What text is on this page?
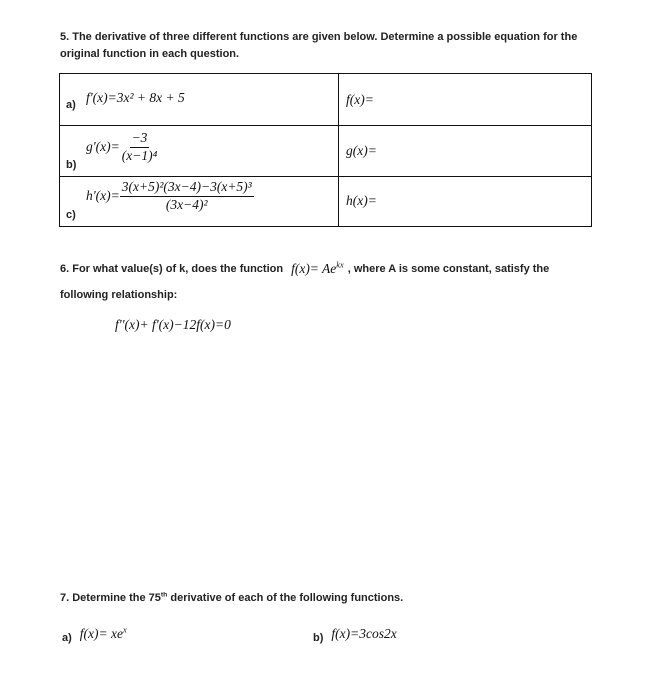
5. The derivative of three different functions are given below. Determine a possible equation for the
original function in each question.
a) f'(x)= 3x² + 8x + 5	f(x)=
b)
$g'(x)= \frac{-3}{\text{(x−1)⁴}}$	g(x)=
c)
$h'(x)= \frac{\text{3(x+5)²(3x−4)−3(x+5)³}}{\text{(3x−4)²}}$	h(x)=
6. For what value(s) of k, does the function $f(x)= Ae^{kx}$ , where A is some constant, satisfy the
following relationship:
f''(x)+ f'(x)−12f(x)=0
7. Determine the 75th derivative of each of the following functions.
a) $f(x)= xe^x$
b) f(x)=3cos2x
